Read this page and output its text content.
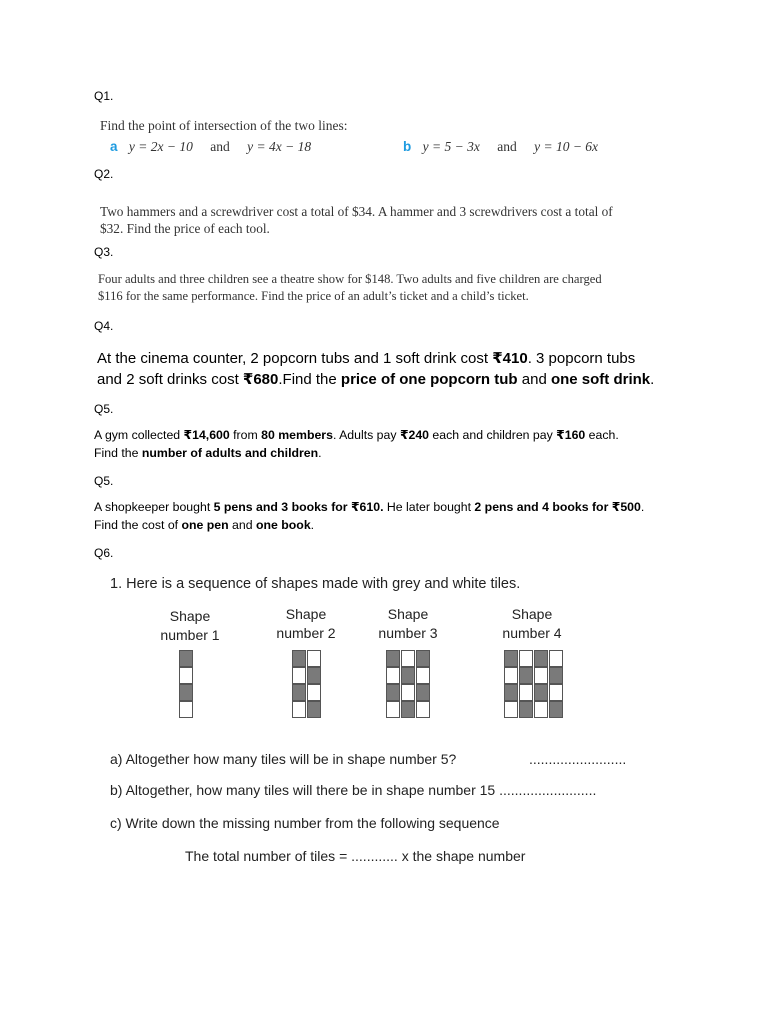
Q1.
Find the point of intersection of the two lines:
a y = 2x − 10 and y = 4x − 18	b y = 5 − 3x and y = 10 − 6x
Q2.
Two hammers and a screwdriver cost a total of $34. A hammer and 3 screwdrivers cost a total of
$32. Find the price of each tool.
Q3.
Four adults and three children see a theatre show for $148. Two adults and five children are charged
$116 for the same performance. Find the price of an adult’s ticket and a child’s ticket.
Q4.
At the cinema counter, 2 popcorn tubs and 1 soft drink cost ₹410. 3 popcorn tubs
and 2 soft drinks cost ₹680.Find the price of one popcorn tub and one soft drink.
Q5.
A gym collected ₹14,600 from 80 members. Adults pay ₹240 each and children pay ₹160 each.
Find the number of adults and children.
Q5.
A shopkeeper bought 5 pens and 3 books for ₹610. He later bought 2 pens and 4 books for ₹500.
Find the cost of one pen and one book.
Q6.
1. Here is a sequence of shapes made with grey and white tiles.
Shape
number 1
Shape
number 2
Shape
number 3
Shape
number 4
a) Altogether how many tiles will be in shape number 5?	.........................
b) Altogether, how many tiles will there be in shape number 15 .........................
c) Write down the missing number from the following sequence
The total number of tiles = ............ x the shape number
